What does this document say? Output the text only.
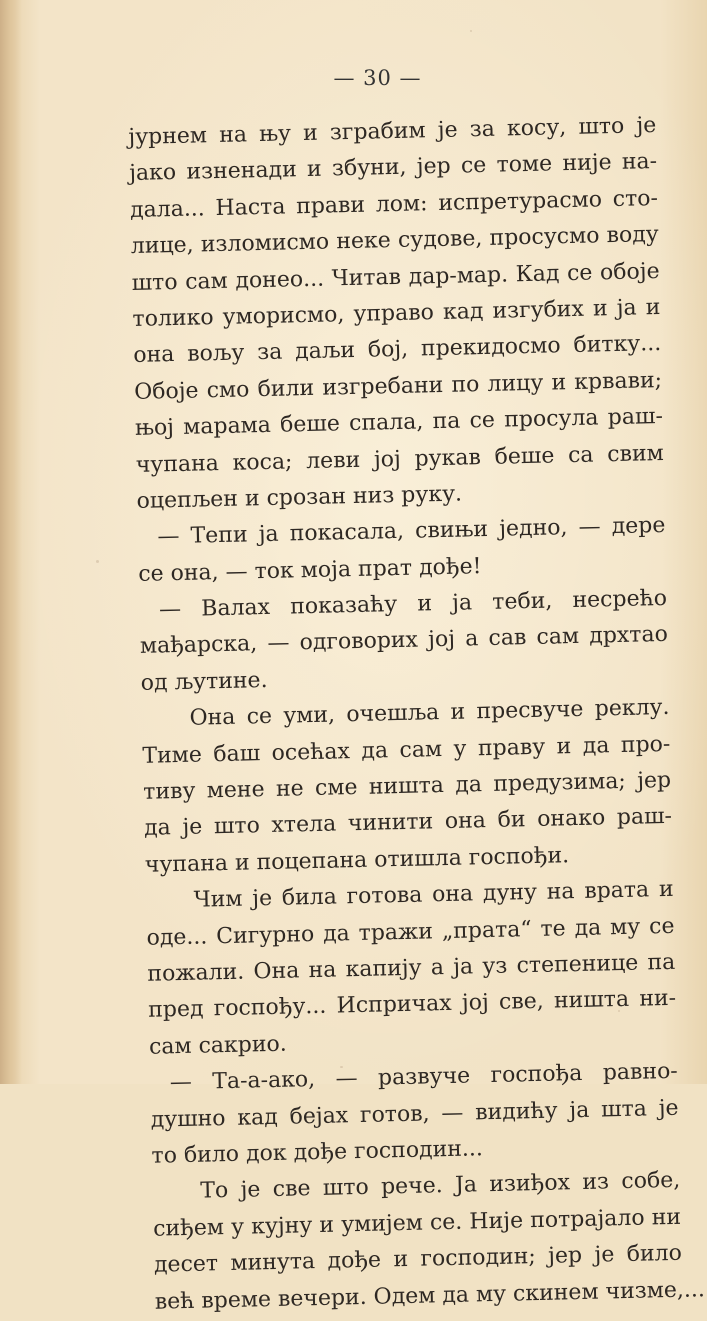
— 30 —
јурнем на њу и зграбим је за косу, што је
јако изненади и збуни, јер се томе није на-
дала... Наста прави лом: испретурасмо сто-
лице, изломисмо неке судове, просусмо воду
што сам донео... Читав дар-мар. Кад се обоје
толико уморисмо, управо кад изгубих и ја и
она вољу за даљи бој, прекидосмо битку...
Обоје смо били изгребани по лицу и крвави;
њој марама беше спала, па се просула раш-
чупана коса; леви јој рукав беше са свим
оцепљен и срозан низ руку.
— Тепи ја покасала, свињи једно, — дере
се она, — ток моја прат дође!
— Валах показаћу и ја теби, несрећо
мађарска, — одговорих јој а сав сам дрхтао
од љутине.
Она се уми, очешља и пресвуче реклу.
Тиме баш осећах да сам у праву и да про-
тиву мене не сме ништа да предузима; јер
да је што хтела чинити она би онако раш-
чупана и поцепана отишла госпођи.
Чим је била готова она дуну на врата и
оде... Сигурно да тражи „прата“ те да му се
пожали. Она на капију а ја уз степенице па
пред госпођу... Испричах јој све, ништа ни-
сам сакрио.
— Та-а-ако, — развуче госпођа равно-
душно кад бејах готов, — видићу ја шта је
то било док дође господин...
То је све што рече. Ја изиђох из собе,
сиђем у кујну и умијем се. Није потрајало ни
десет минута дође и господин; јер је било
већ време вечери. Одем да му скинем чизме,...
